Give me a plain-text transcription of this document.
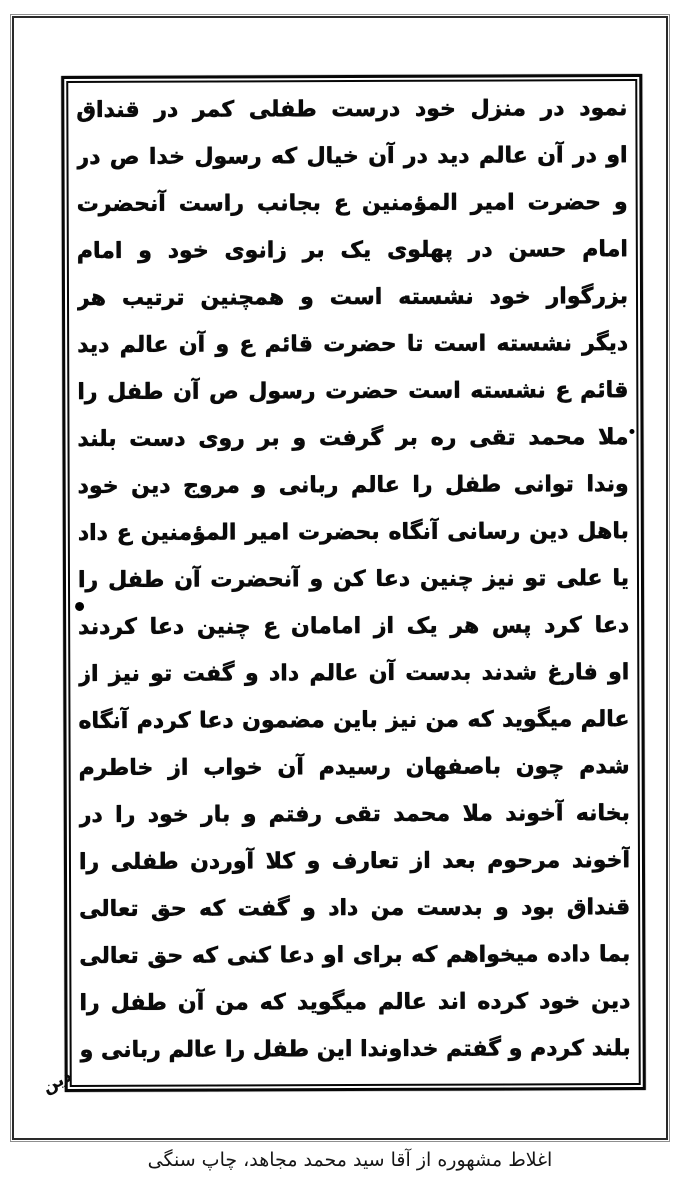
نمود در منزل خود درست طفلی کمر در قنداق
او در آن عالم دید در آن خیال که رسول خدا ص در
و حضرت امیر المؤمنین ع بجانب راست آنحضرت
امام حسن در پهلوی یک بر زانوی خود و امام
بزرگوار خود نشسته است و همچنین ترتیب هر
دیگر نشسته است تا حضرت قائم ع و آن عالم دید
قائم ع نشسته است حضرت رسول ص آن طفل را
ملا محمد تقی ره بر گرفت و بر روی دست بلند
وندا توانی طفل را عالم ربانی و مروج دین خود
باهل دین رسانی آنگاه بحضرت امیر المؤمنین ع داد
یا علی تو نیز چنین دعا کن و آنحضرت آن طفل را
دعا کرد پس هر یک از امامان ع چنین دعا کردند
او فارغ شدند بدست آن عالم داد و گفت تو نیز از
عالم میگوید که من نیز باین مضمون دعا کردم آنگاه
شدم چون باصفهان رسیدم آن خواب از خاطرم
بخانه آخوند ملا محمد تقی رفتم و بار خود را در
آخوند مرحوم بعد از تعارف و کلا آوردن طفلی را
قنداق بود و بدست من داد و گفت که حق تعالی
بما داده میخواهم که برای او دعا کنی که حق تعالی
دین خود کرده اند عالم میگوید که من آن طفل را
بلند کردم و گفتم خداوندا این طفل را عالم ربانی و
دین
اغلاط مشهوره از آقا سید محمد مجاهد، چاپ سنگی
